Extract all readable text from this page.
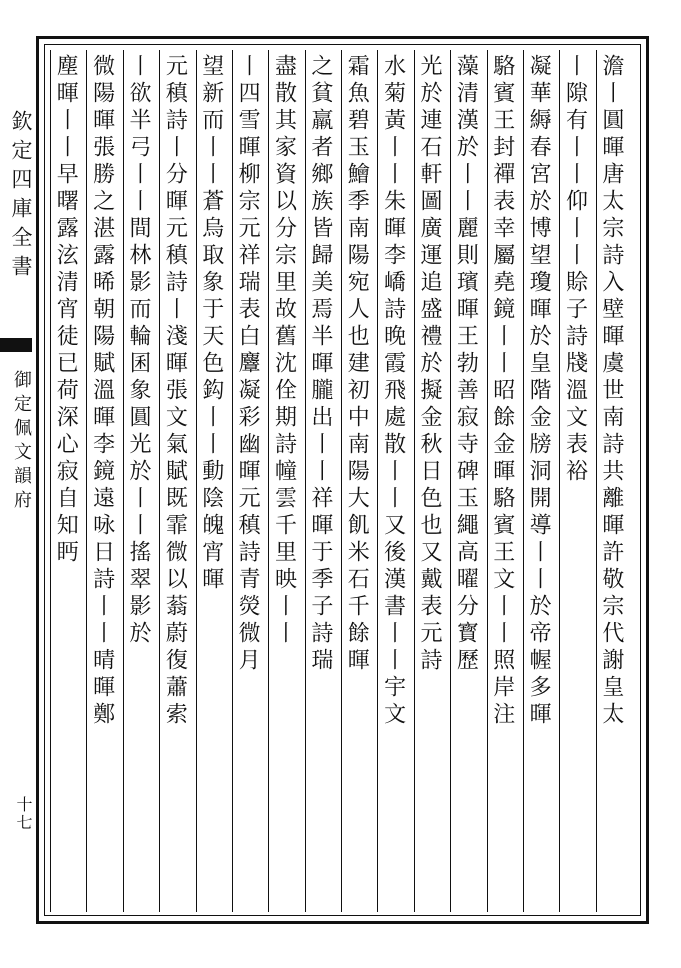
欽定四庫全書
御定佩文韻府
十七
澹丨圓暉唐太宗詩入壁暉虞世南詩共離暉許敬宗代謝皇太
丨隙有丨丨仰丨丨賒子詩牋溫文表裕
凝華縟春宮於博望瓊暉於皇階金牓洞開導丨丨於帝幄多暉
駱賓王封禪表幸屬堯鏡丨丨昭餘金暉駱賓王文丨丨照岸注
藻清漢於丨丨麗則璸暉王勃善寂寺碑玉繩高曜分寳歷
光於連石軒圖廣運追盛禮於擬金秋日色也又戴表元詩
水菊黃丨丨朱暉李嶠詩晚霞飛處散丨丨又後漢書丨丨宇文
霜魚碧玉鱠季南陽宛人也建初中南陽大飢米石千餘暉
之貧羸者鄉族皆歸美焉半暉朧出丨丨祥暉于季子詩瑞
盡散其家資以分宗里故舊沈佺期詩幢雲千里映丨丨
丨四雪暉柳宗元祥瑞表白麞凝彩幽暉元稹詩青熒微月
望新而丨丨蒼烏取象于天色鈎丨丨動陰魄宵暉
元稹詩丨分暉元稹詩丨淺暉張文氣賦既霏微以蓊蔚復蕭索
丨欲半弓丨丨間林影而輪囷象圓光於丨丨搖翠影於
微陽暉張勝之湛露晞朝陽賦溫暉李鏡遠咏日詩丨丨晴暉鄭
塵暉丨丨早曙露泫清宵徒已荷深心寂自知眄
